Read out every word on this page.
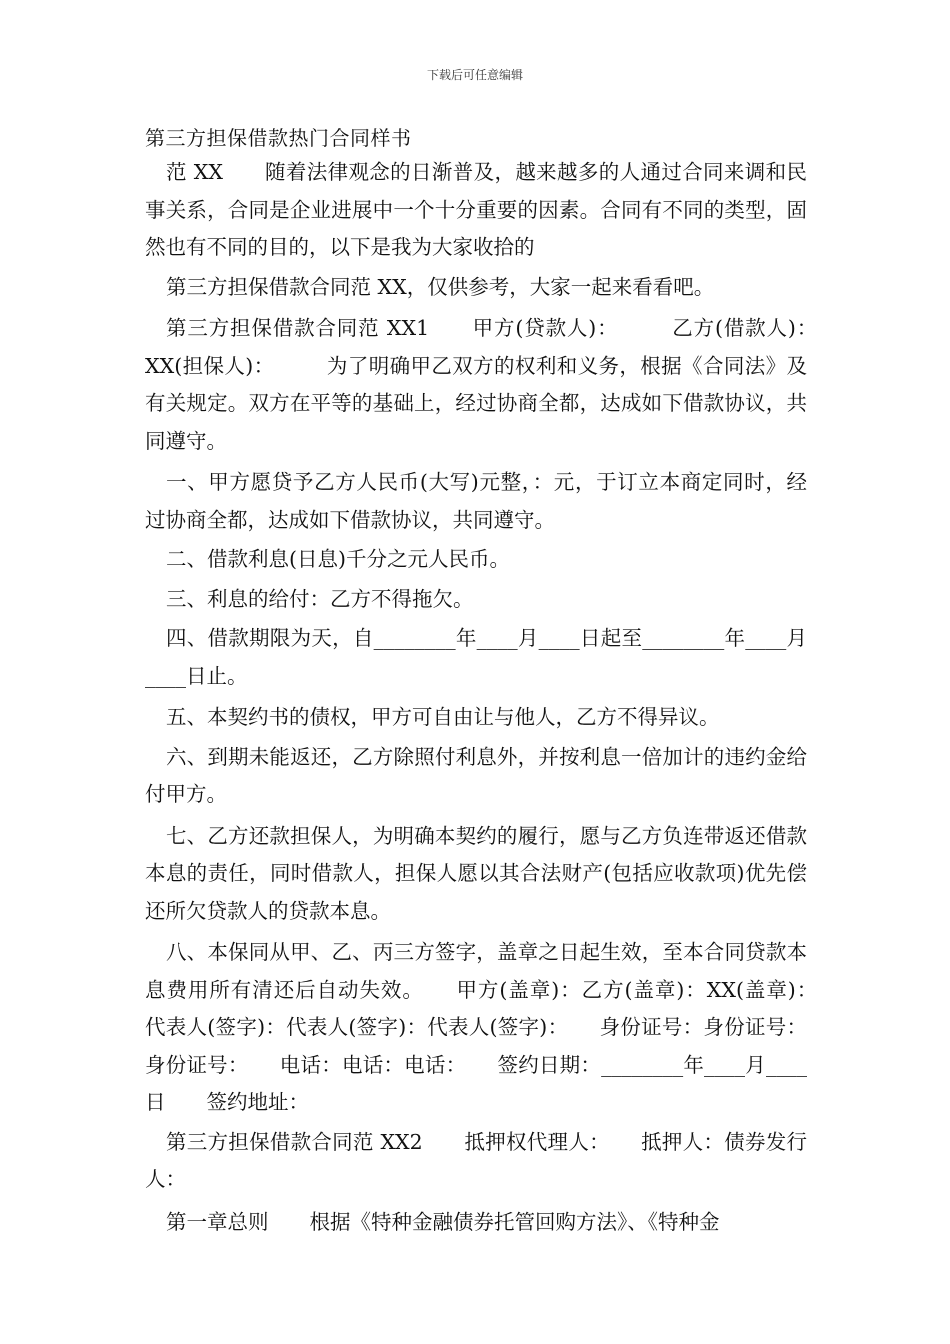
下载后可任意编辑
第三方担保借款热门合同样书

范 XX　　随着法律观念的日渐普及，越来越多的人通过合同来调和民事关系，合同是企业进展中一个十分重要的因素。合同有不同的类型，固然也有不同的目的，以下是我为大家收拾的

第三方担保借款合同范 XX，仅供参考，大家一起来看看吧。

第三方担保借款合同范 XX1　　甲方(贷款人)：　　　乙方(借款人)：　　XX(担保人)：　　　为了明确甲乙双方的权利和义务，根据《合同法》及有关规定。双方在平等的基础上，经过协商全都，达成如下借款协议，共同遵守。

一、甲方愿贷予乙方人民币(大写)元整，：元，于订立本商定同时，经过协商全都，达成如下借款协议，共同遵守。

二、借款利息(日息)千分之元人民币。

三、利息的给付：乙方不得拖欠。

四、借款期限为天，自________年____月____日起至________年____月____日止。

五、本契约书的债权，甲方可自由让与他人，乙方不得异议。

六、到期未能返还，乙方除照付利息外，并按利息一倍加计的违约金给付甲方。

七、乙方还款担保人，为明确本契约的履行，愿与乙方负连带返还借款本息的责任，同时借款人，担保人愿以其合法财产(包括应收款项)优先偿还所欠贷款人的贷款本息。

八、本保同从甲、乙、丙三方签字，盖章之日起生效，至本合同贷款本息费用所有清还后自动失效。　　甲方(盖章)：乙方(盖章)：XX(盖章)：　　代表人(签字)：代表人(签字)：代表人(签字)：　　身份证号：身份证号：身份证号：　　电话：电话：电话：　　签约日期：________年____月____日　　签约地址：

第三方担保借款合同范 XX2　　抵押权代理人：　　抵押人：债券发行人：

第一章总则　　根据《特种金融债券托管回购方法》、《特种金
